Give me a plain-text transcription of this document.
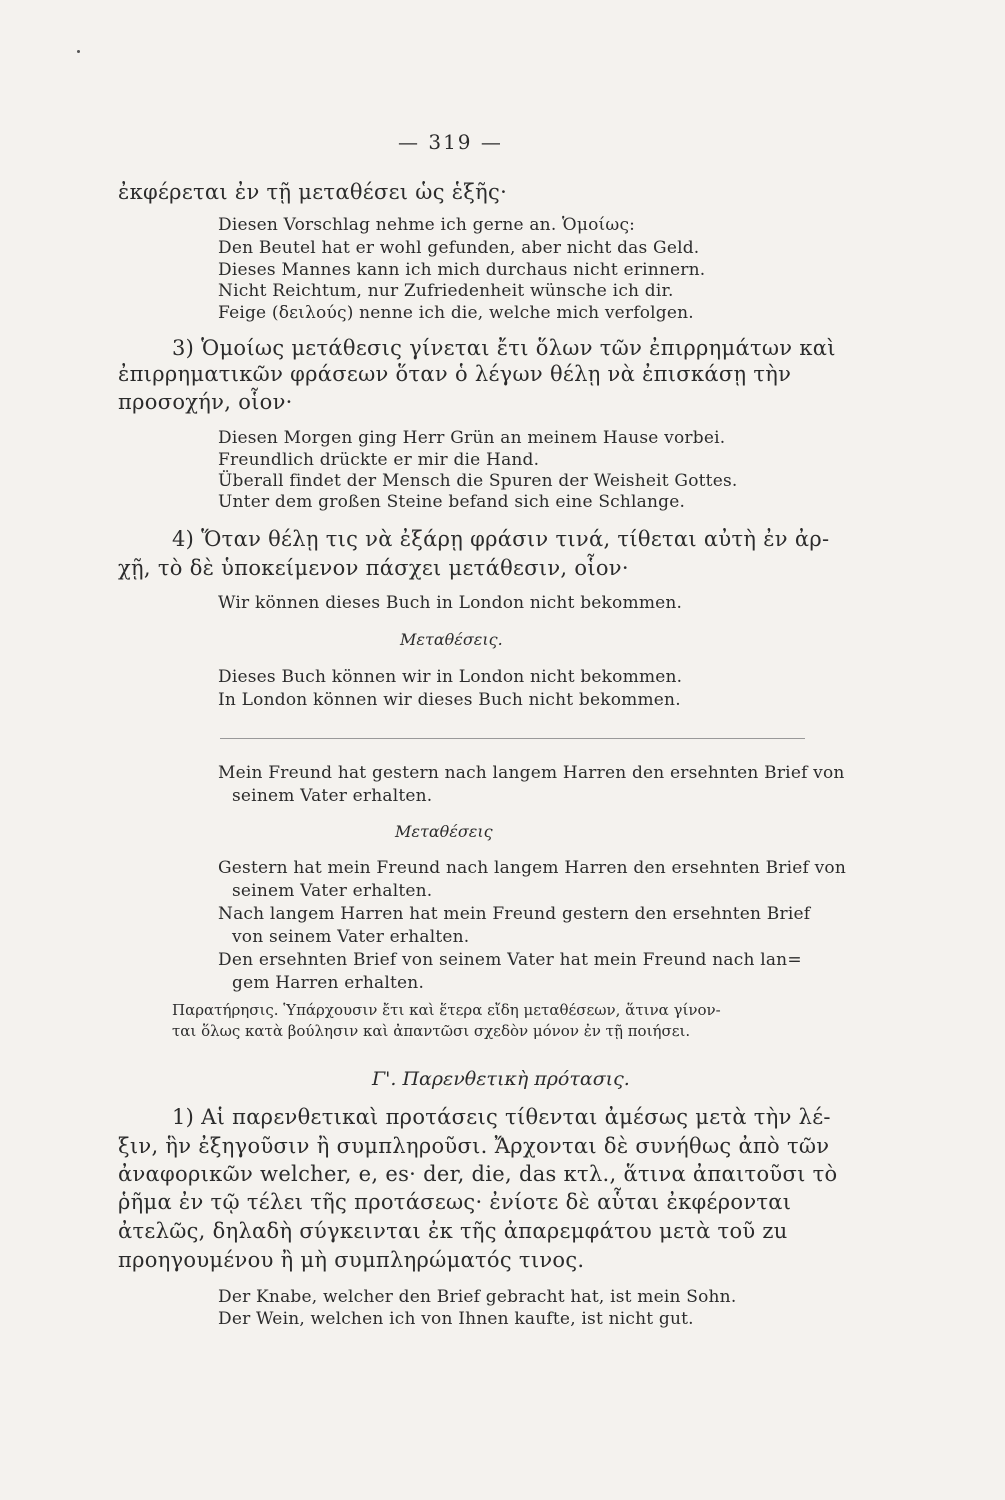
— 319 —
ἐκφέρεται ἐν τῇ μεταθέσει ὡς ἑξῆς·
Diesen Vorschlag nehme ich gerne an. Ὁμοίως:
Den Beutel hat er wohl gefunden, aber nicht das Geld.
Dieses Mannes kann ich mich durchaus nicht erinnern.
Nicht Reichtum, nur Zufriedenheit wünsche ich dir.
Feige (δειλούς) nenne ich die, welche mich verfolgen.
3) Ὁμοίως μετάθεσις γίνεται ἔτι ὅλων τῶν ἐπιρρημάτων καὶ
ἐπιρρηματικῶν φράσεων ὅταν ὁ λέγων θέλῃ νὰ ἐπισκάσῃ τὴν
προσοχήν, οἷον·
Diesen Morgen ging Herr Grün an meinem Hause vorbei.
Freundlich drückte er mir die Hand.
Überall findet der Mensch die Spuren der Weisheit Gottes.
Unter dem großen Steine befand sich eine Schlange.
4) Ὅταν θέλῃ τις νὰ ἐξάρῃ φράσιν τινά, τίθεται αὐτὴ ἐν ἀρ-
χῇ, τὸ δὲ ὑποκείμενον πάσχει μετάθεσιν, οἷον·
Wir können dieses Buch in London nicht bekommen.
Μεταθέσεις.
Dieses Buch können wir in London nicht bekommen.
In London können wir dieses Buch nicht bekommen.
Mein Freund hat gestern nach langem Harren den ersehnten Brief von
seinem Vater erhalten.
Μεταθέσεις
Gestern hat mein Freund nach langem Harren den ersehnten Brief von
seinem Vater erhalten.
Nach langem Harren hat mein Freund gestern den ersehnten Brief
von seinem Vater erhalten.
Den ersehnten Brief von seinem Vater hat mein Freund nach lan=
gem Harren erhalten.
Παρατήρησις. Ὑπάρχουσιν ἔτι καὶ ἕτερα εἴδη μεταθέσεων, ἅτινα γίνον-
ται ὅλως κατὰ βούλησιν καὶ ἀπαντῶσι σχεδὸν μόνον ἐν τῇ ποιήσει.
Γ'. Παρενθετικὴ πρότασις.
1) Αἱ παρενθετικαὶ προτάσεις τίθενται ἀμέσως μετὰ τὴν λέ-
ξιν, ἣν ἐξηγοῦσιν ἢ συμπληροῦσι. Ἄρχονται δὲ συνήθως ἀπὸ τῶν
ἀναφορικῶν welcher, e, es· der, die, das κτλ., ἅτινα ἀπαιτοῦσι τὸ
ῥῆμα ἐν τῷ τέλει τῆς προτάσεως· ἐνίοτε δὲ αὗται ἐκφέρονται
ἀτελῶς, δηλαδὴ σύγκεινται ἐκ τῆς ἀπαρεμφάτου μετὰ τοῦ zu
προηγουμένου ἢ μὴ συμπληρώματός τινος.
Der Knabe, welcher den Brief gebracht hat, ist mein Sohn.
Der Wein, welchen ich von Ihnen kaufte, ist nicht gut.
